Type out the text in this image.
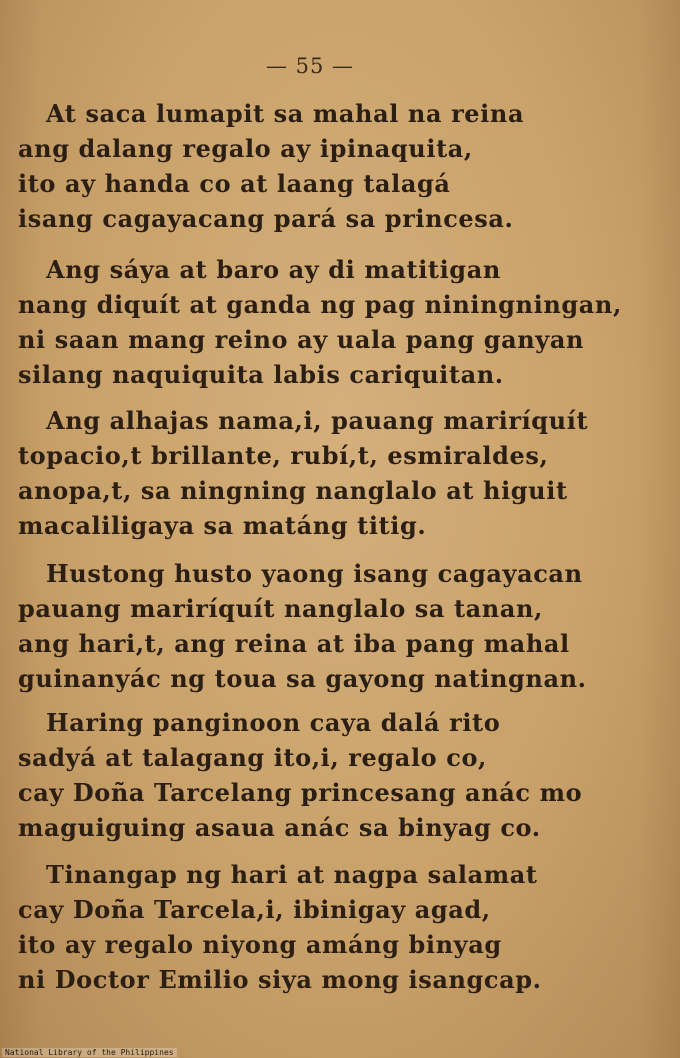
— 55 —
At saca lumapit sa mahal na reina
ang dalang regalo ay ipinaquita,
ito ay handa co at laang talagá
isang cagayacang pará sa princesa.
Ang sáya at baro ay di matitigan
nang diquít at ganda ng pag niningningan,
ni saan mang reino ay uala pang ganyan
silang naquiquita labis cariquitan.
Ang alhajas nama,i, pauang mariríquít
topacio,t brillante, rubí,t, esmiraldes,
anopa,t, sa ningning nanglalo at higuit
macaliligaya sa matáng titig.
Hustong husto yaong isang cagayacan
pauang mariríquít nanglalo sa tanan,
ang hari,t, ang reina at iba pang mahal
guinanyác ng toua sa gayong natingnan.
Haring panginoon caya dalá rito
sadyá at talagang ito,i, regalo co,
cay Doña Tarcelang princesang anác mo
maguiguing asaua anác sa binyag co.
Tinangap ng hari at nagpa salamat
cay Doña Tarcela,i, ibinigay agad,
ito ay regalo niyong amáng binyag
ni Doctor Emilio siya mong isangcap.
National Library of the Philippines
